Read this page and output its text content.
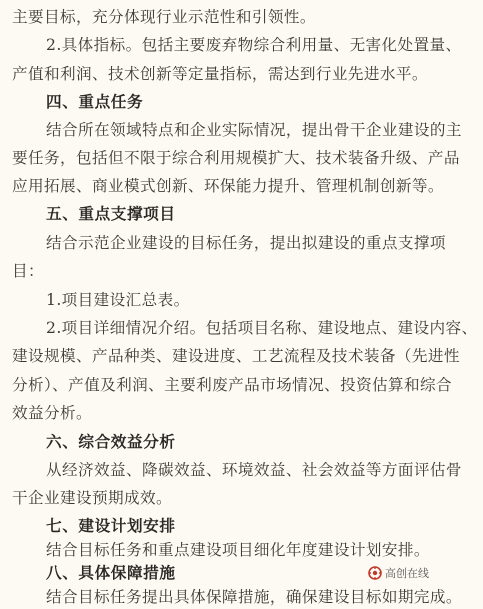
主要目标，充分体现行业示范性和引领性。
2.具体指标。包括主要废弃物综合利用量、无害化处置量、
产值和利润、技术创新等定量指标，需达到行业先进水平。
四、重点任务
结合所在领域特点和企业实际情况，提出骨干企业建设的主
要任务，包括但不限于综合利用规模扩大、技术装备升级、产品
应用拓展、商业模式创新、环保能力提升、管理机制创新等。
五、重点支撑项目
结合示范企业建设的目标任务，提出拟建设的重点支撑项
目：
1.项目建设汇总表。
2.项目详细情况介绍。包括项目名称、建设地点、建设内容、
建设规模、产品种类、建设进度、工艺流程及技术装备（先进性
分析）、产值及利润、主要利废产品市场情况、投资估算和综合
效益分析。
六、综合效益分析
从经济效益、降碳效益、环境效益、社会效益等方面评估骨
干企业建设预期成效。
七、建设计划安排
结合目标任务和重点建设项目细化年度建设计划安排。
八、具体保障措施
结合目标任务提出具体保障措施，确保建设目标如期完成。
高创在线
